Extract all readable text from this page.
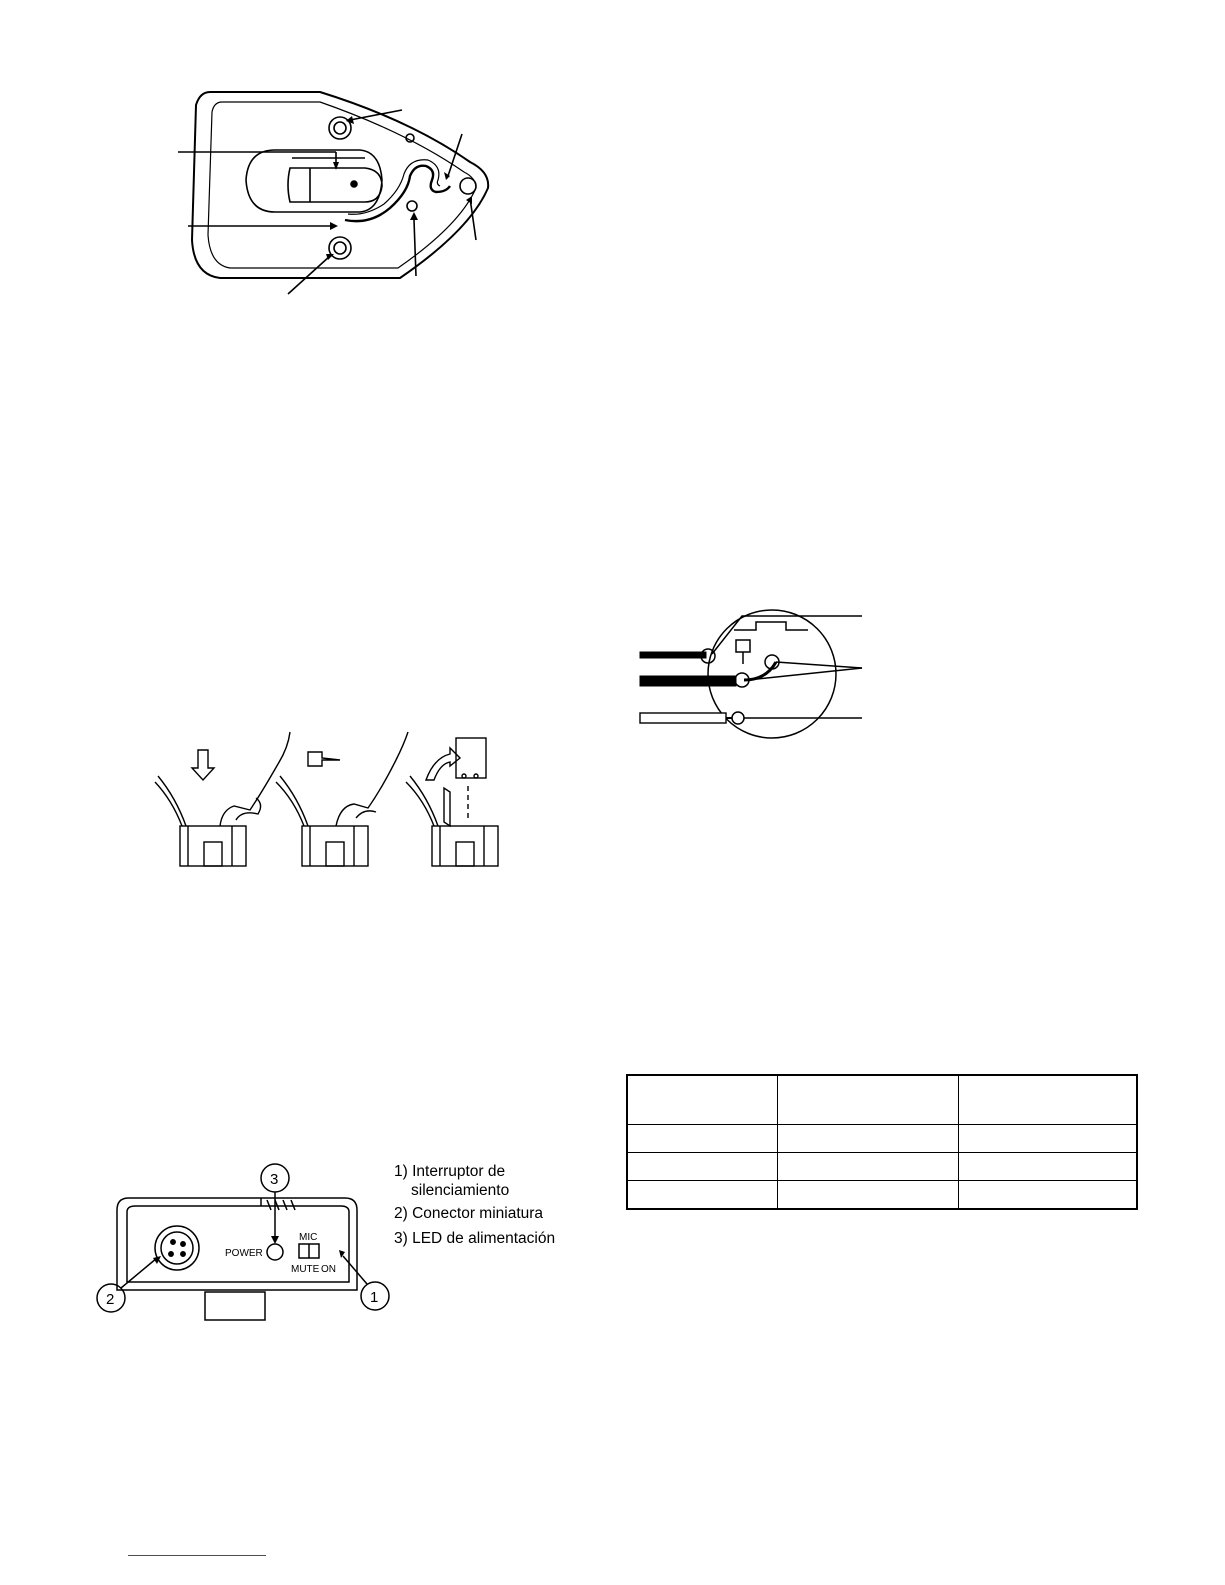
POWER
MIC
MUTE ON
3
2	1
1) Interruptor de
silenciamiento
2) Conector miniatura
3) LED de alimentación
